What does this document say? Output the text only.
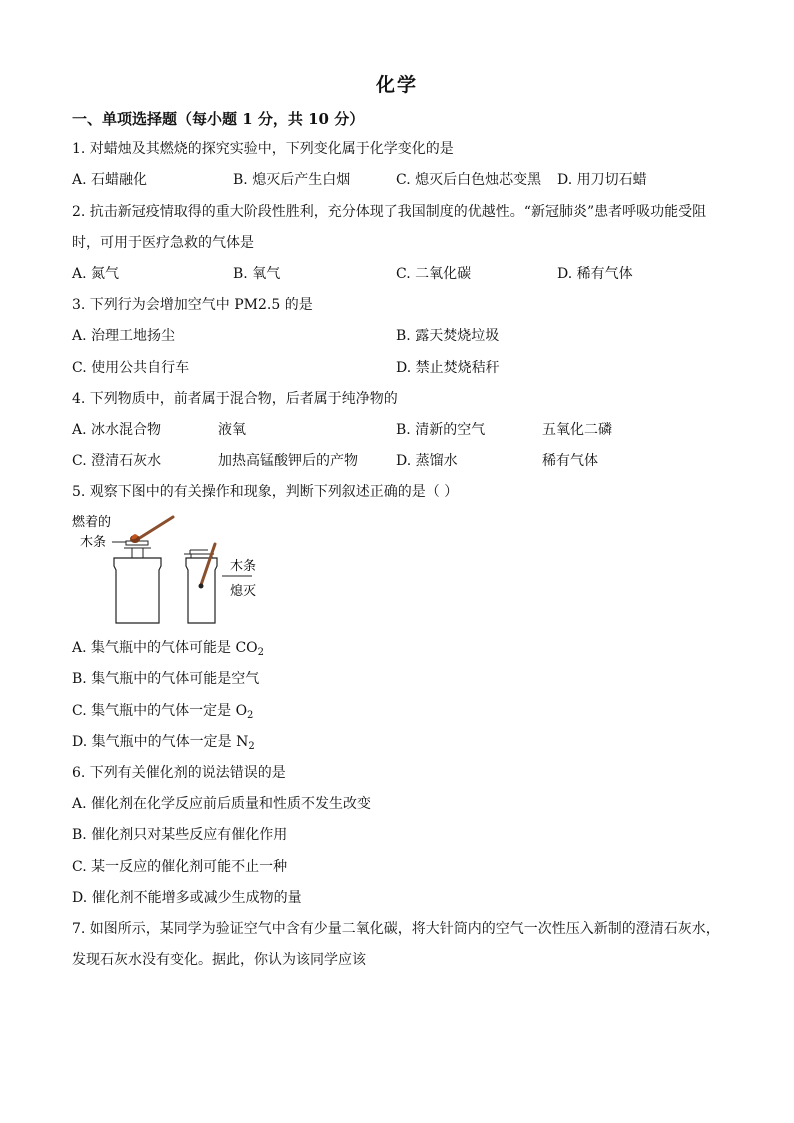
化学
一、单项选择题（每小题 1 分，共 10 分）
1. 对蜡烛及其燃烧的探究实验中，下列变化属于化学变化的是
A. 石蜡融化	B. 熄灭后产生白烟	C. 熄灭后白色烛芯变黑 D. 用刀切石蜡
2. 抗击新冠疫情取得的重大阶段性胜利，充分体现了我国制度的优越性。“新冠肺炎”患者呼吸功能受阻
时，可用于医疗急救的气体是
A. 氮气	B. 氧气	C. 二氧化碳	D. 稀有气体
3. 下列行为会增加空气中 PM2.5 的是
A. 治理工地扬尘	B. 露天焚烧垃圾
C. 使用公共自行车	D. 禁止焚烧秸秆
4. 下列物质中，前者属于混合物，后者属于纯净物的
A. 冰水混合物	液氧	B. 清新的空气	五氧化二磷
C. 澄清石灰水	加热高锰酸钾后的产物	D. 蒸馏水	稀有气体
5. 观察下图中的有关操作和现象，判断下列叙述正确的是（ ）
燃着的
木条
木条
熄灭
A. 集气瓶中的气体可能是 $CO_2$
B. 集气瓶中的气体可能是空气
C. 集气瓶中的气体一定是 $O_2$
D. 集气瓶中的气体一定是 $N_2$
6. 下列有关催化剂的说法错误的是
A. 催化剂在化学反应前后质量和性质不发生改变
B. 催化剂只对某些反应有催化作用
C. 某一反应的催化剂可能不止一种
D. 催化剂不能增多或减少生成物的量
7. 如图所示，某同学为验证空气中含有少量二氧化碳，将大针筒内的空气一次性压入新制的澄清石灰水，
发现石灰水没有变化。据此，你认为该同学应该
